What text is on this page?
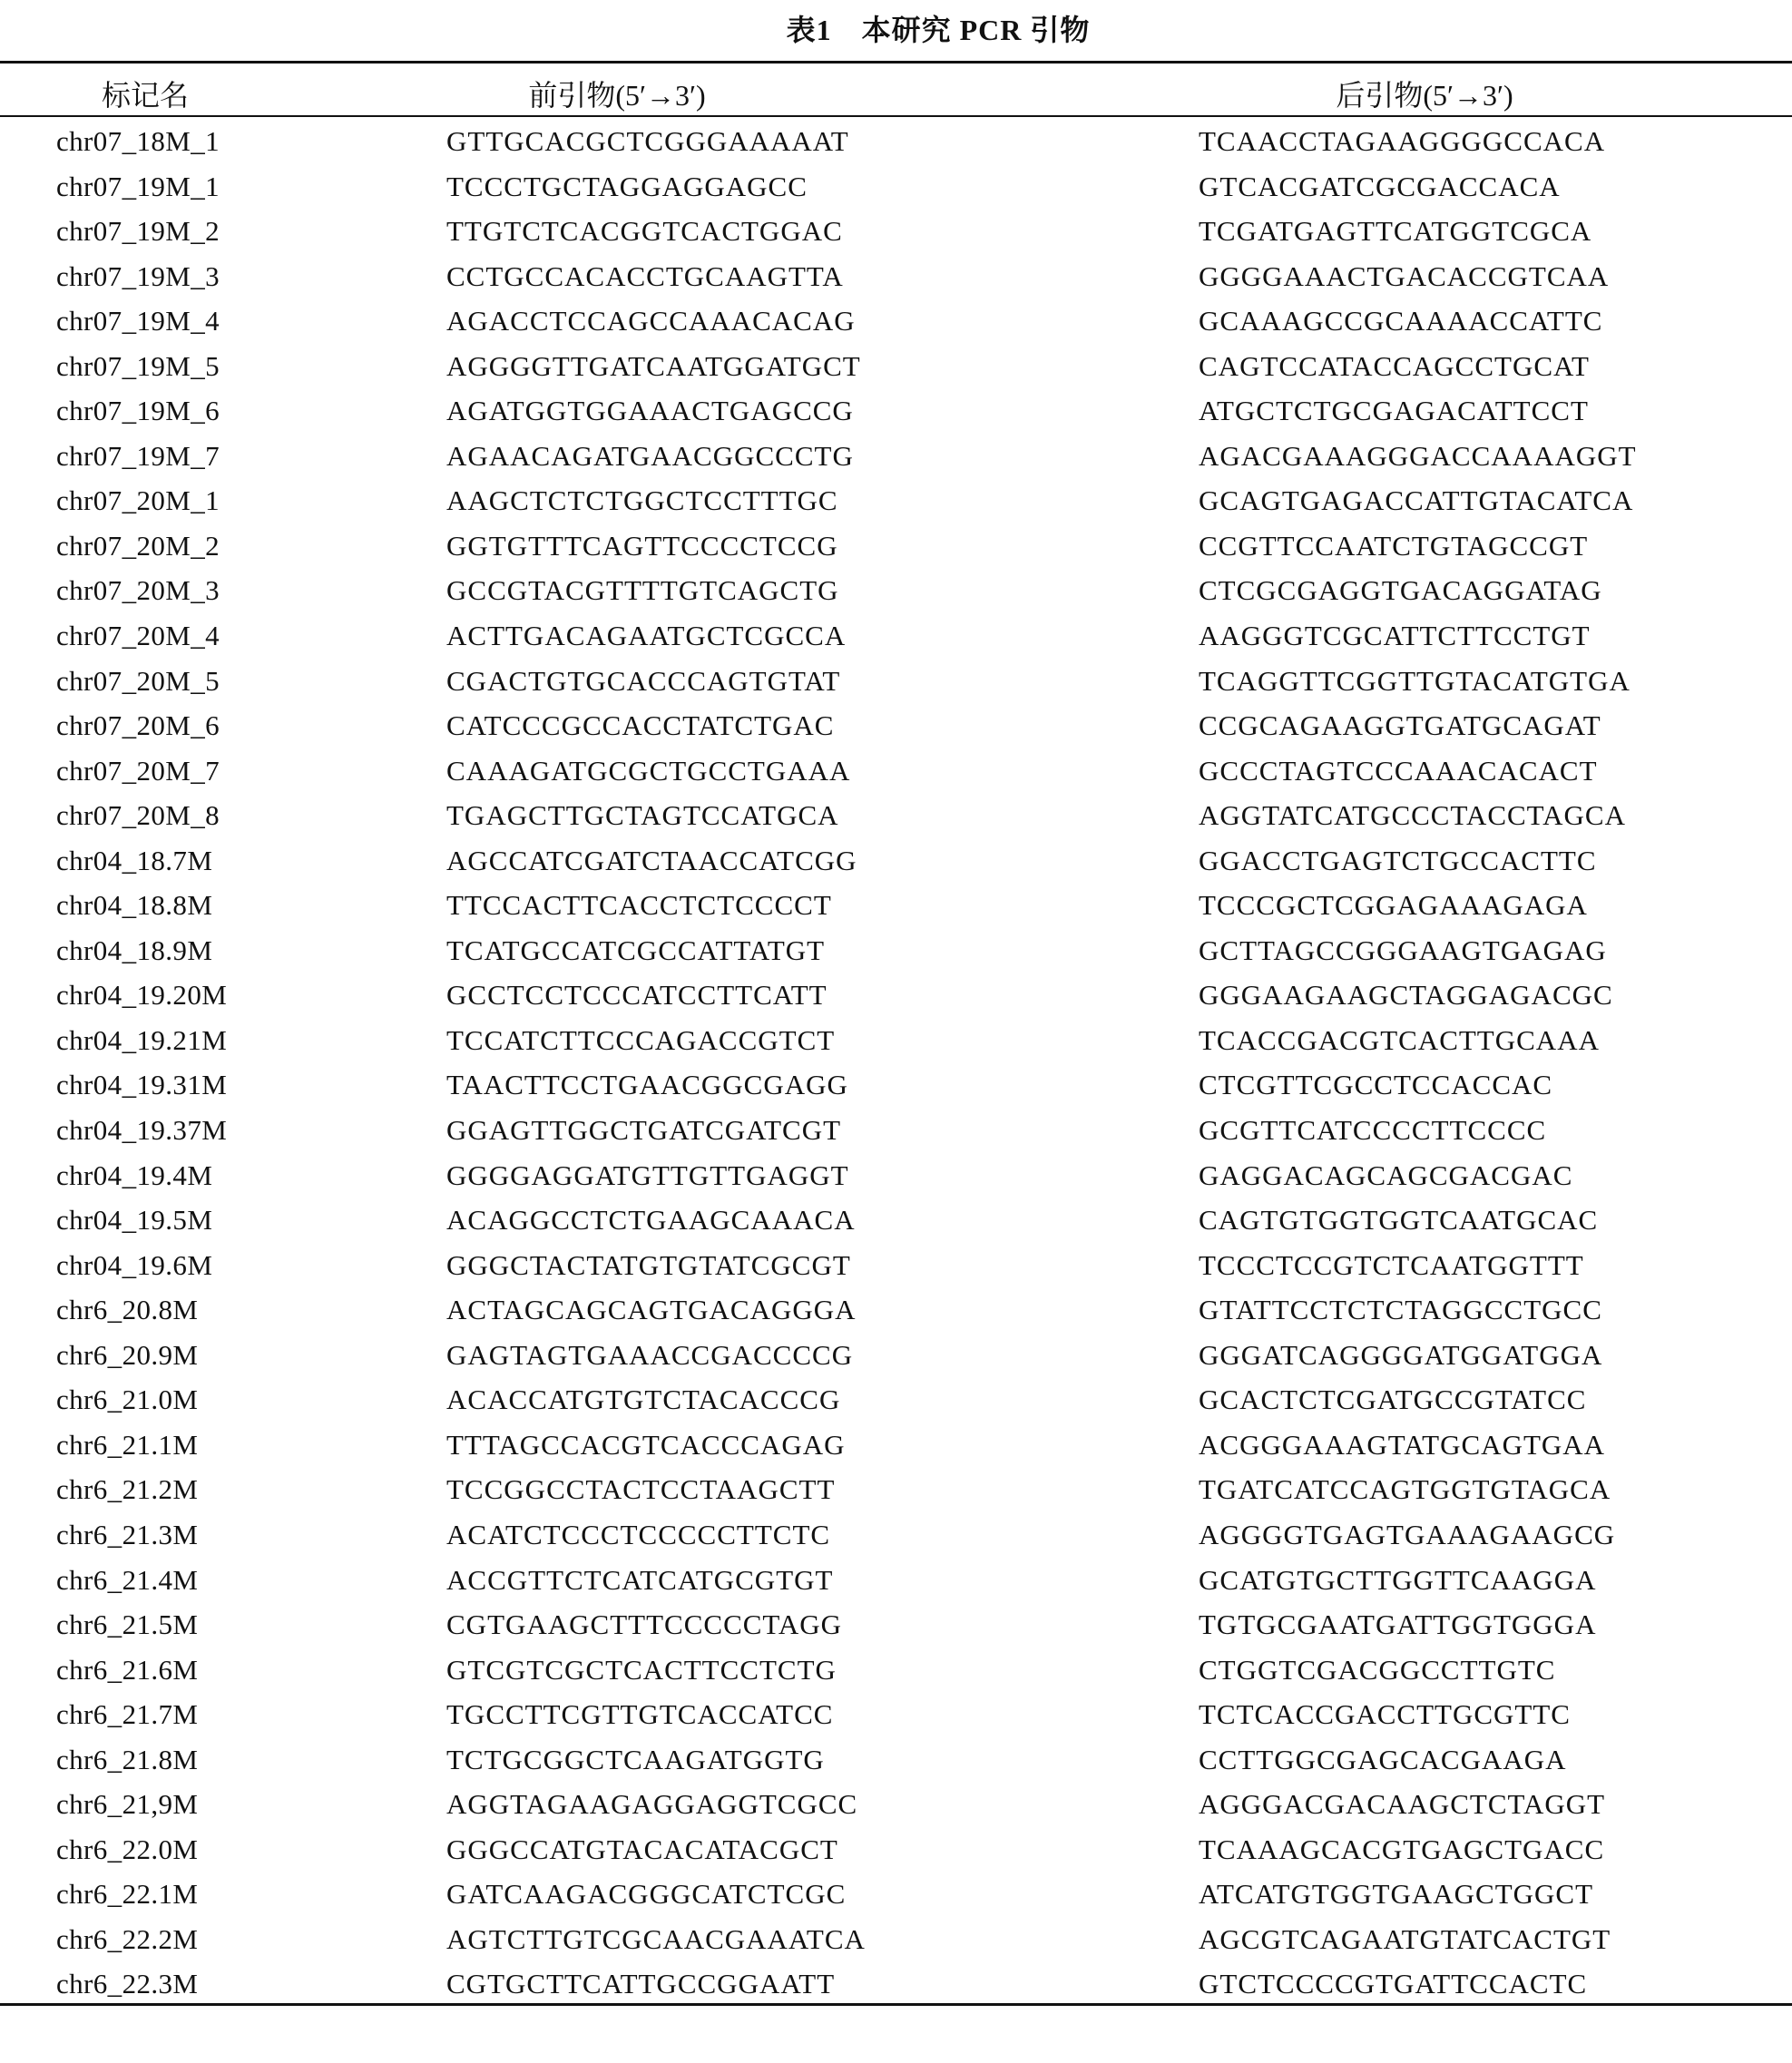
表1　本研究 PCR 引物
标记名	前引物(5′→3′)	后引物(5′→3′)
chr07_18M_1	GTTGCACGCTCGGGAAAAAT	TCAACCTAGAAGGGGCCACA
chr07_19M_1	TCCCTGCTAGGAGGAGCC	GTCACGATCGCGACCACA
chr07_19M_2	TTGTCTCACGGTCACTGGAC	TCGATGAGTTCATGGTCGCA
chr07_19M_3	CCTGCCACACCTGCAAGTTA	GGGGAAACTGACACCGTCAA
chr07_19M_4	AGACCTCCAGCCAAACACAG	GCAAAGCCGCAAAACCATTC
chr07_19M_5	AGGGGTTGATCAATGGATGCT	CAGTCCATACCAGCCTGCAT
chr07_19M_6	AGATGGTGGAAACTGAGCCG	ATGCTCTGCGAGACATTCCT
chr07_19M_7	AGAACAGATGAACGGCCCTG	AGACGAAAGGGACCAAAAGGT
chr07_20M_1	AAGCTCTCTGGCTCCTTTGC	GCAGTGAGACCATTGTACATCA
chr07_20M_2	GGTGTTTCAGTTCCCCTCCG	CCGTTCCAATCTGTAGCCGT
chr07_20M_3	GCCGTACGTTTTGTCAGCTG	CTCGCGAGGTGACAGGATAG
chr07_20M_4	ACTTGACAGAATGCTCGCCA	AAGGGTCGCATTCTTCCTGT
chr07_20M_5	CGACTGTGCACCCAGTGTAT	TCAGGTTCGGTTGTACATGTGA
chr07_20M_6	CATCCCGCCACCTATCTGAC	CCGCAGAAGGTGATGCAGAT
chr07_20M_7	CAAAGATGCGCTGCCTGAAA	GCCCTAGTCCCAAACACACT
chr07_20M_8	TGAGCTTGCTAGTCCATGCA	AGGTATCATGCCCTACCTAGCA
chr04_18.7M	AGCCATCGATCTAACCATCGG	GGACCTGAGTCTGCCACTTC
chr04_18.8M	TTCCACTTCACCTCTCCCCT	TCCCGCTCGGAGAAAGAGA
chr04_18.9M	TCATGCCATCGCCATTATGT	GCTTAGCCGGGAAGTGAGAG
chr04_19.20M	GCCTCCTCCCATCCTTCATT	GGGAAGAAGCTAGGAGACGC
chr04_19.21M	TCCATCTTCCCAGACCGTCT	TCACCGACGTCACTTGCAAA
chr04_19.31M	TAACTTCCTGAACGGCGAGG	CTCGTTCGCCTCCACCAC
chr04_19.37M	GGAGTTGGCTGATCGATCGT	GCGTTCATCCCCTTCCCC
chr04_19.4M	GGGGAGGATGTTGTTGAGGT	GAGGACAGCAGCGACGAC
chr04_19.5M	ACAGGCCTCTGAAGCAAACA	CAGTGTGGTGGTCAATGCAC
chr04_19.6M	GGGCTACTATGTGTATCGCGT	TCCCTCCGTCTCAATGGTTT
chr6_20.8M	ACTAGCAGCAGTGACAGGGA	GTATTCCTCTCTAGGCCTGCC
chr6_20.9M	GAGTAGTGAAACCGACCCCG	GGGATCAGGGGATGGATGGA
chr6_21.0M	ACACCATGTGTCTACACCCG	GCACTCTCGATGCCGTATCC
chr6_21.1M	TTTAGCCACGTCACCCAGAG	ACGGGAAAGTATGCAGTGAA
chr6_21.2M	TCCGGCCTACTCCTAAGCTT	TGATCATCCAGTGGTGTAGCA
chr6_21.3M	ACATCTCCCTCCCCCTTCTC	AGGGGTGAGTGAAAGAAGCG
chr6_21.4M	ACCGTTCTCATCATGCGTGT	GCATGTGCTTGGTTCAAGGA
chr6_21.5M	CGTGAAGCTTTCCCCCTAGG	TGTGCGAATGATTGGTGGGA
chr6_21.6M	GTCGTCGCTCACTTCCTCTG	CTGGTCGACGGCCTTGTC
chr6_21.7M	TGCCTTCGTTGTCACCATCC	TCTCACCGACCTTGCGTTC
chr6_21.8M	TCTGCGGCTCAAGATGGTG	CCTTGGCGAGCACGAAGA
chr6_21,9M	AGGTAGAAGAGGAGGTCGCC	AGGGACGACAAGCTCTAGGT
chr6_22.0M	GGGCCATGTACACATACGCT	TCAAAGCACGTGAGCTGACC
chr6_22.1M	GATCAAGACGGGCATCTCGC	ATCATGTGGTGAAGCTGGCT
chr6_22.2M	AGTCTTGTCGCAACGAAATCA	AGCGTCAGAATGTATCACTGT
chr6_22.3M	CGTGCTTCATTGCCGGAATT	GTCTCCCCGTGATTCCACTC
